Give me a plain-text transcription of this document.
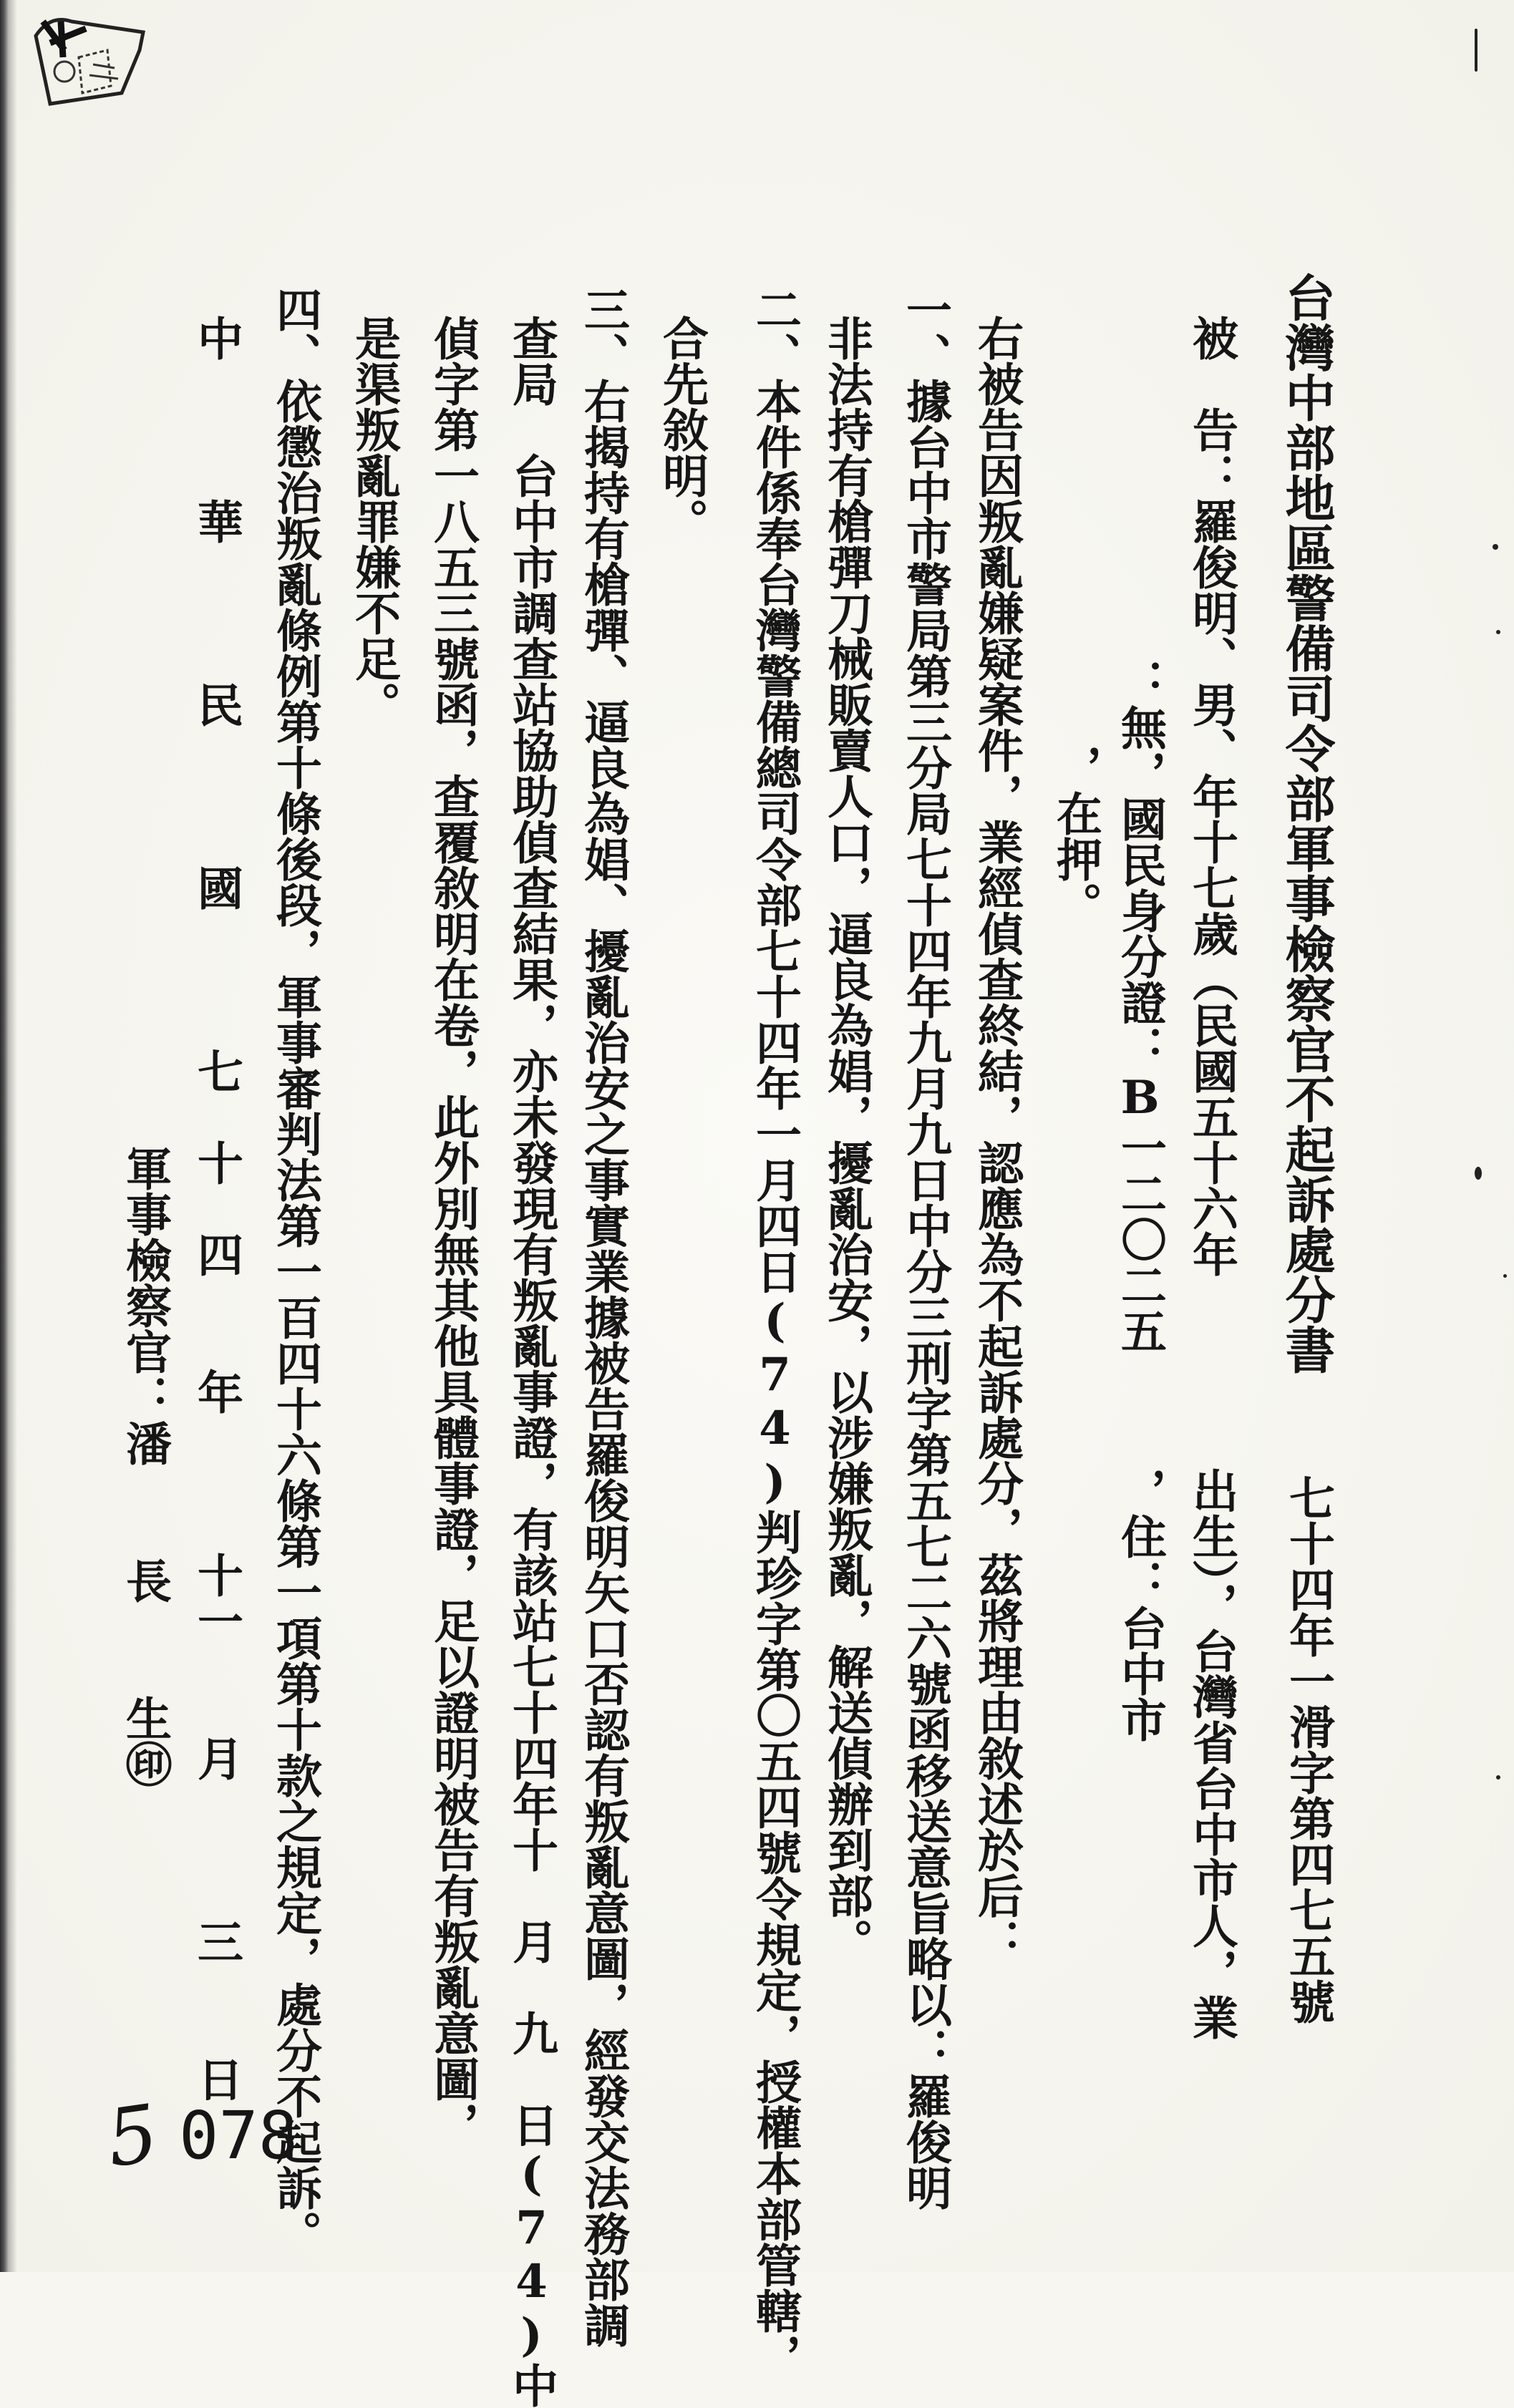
台灣中部地區警備司令部軍事檢察官不起訴處分書
七十四年一滑字第四七五號
被　告：羅俊明、男、年十七歲（民國五十六年
出生），台灣省台中市人，業
：無，國民身分證：B一二〇二五
，住：台中市
，在押。
右被告因叛亂嫌疑案件，業經偵查終結，認應為不起訴處分，茲將理由敘述於后：
一、據台中市警局第三分局七十四年九月九日中分三刑字第五七二六號函移送意旨略以：羅俊明
非法持有槍彈刀械販賣人口，逼良為娼，擾亂治安，以涉嫌叛亂，解送偵辦到部。
二、本件係奉台灣警備總司令部七十四年一月四日(74)判珍字第〇五四號令規定，授權本部管轄，
合先敘明。
三、右揭持有槍彈、逼良為娼、擾亂治安之事實業據被告羅俊明矢口否認有叛亂意圖，經發交法務部調
查局　台中市調查站協助偵查結果，亦未發現有叛亂事證，有該站七十四年十　月　九　日(74)中
偵字第一八五三號函，查覆敘明在卷，此外別無其他具體事證，足以證明被告有叛亂意圖，
是渠叛亂罪嫌不足。
四、依懲治叛亂條例第十條後段，軍事審判法第一百四十六條第一項第十款之規定，處分不起訴。
中　　　華　　　民　　　國　　　七　十　四　　年　　　十一　　月　　　三　　日
軍事檢察官：潘　　長　　生㊞
5 078
